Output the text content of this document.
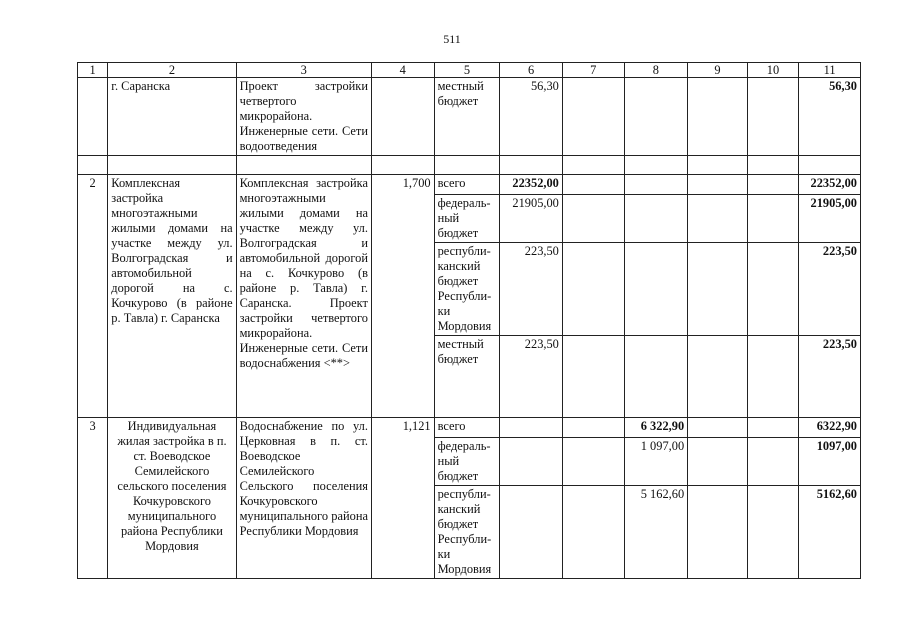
511
1	2	3	4	5	6	7	8	9	10	11
	г. Саранска	Проект застройки четвертого микрорайона. Инженерные сети. Сети водоотведения		местный бюджет	56,30					56,30

2	Комплексная застройка многоэтажными жилыми домами на участке между ул. Волгоградская и автомобильной дорогой на с. Кочкурово (в районе р. Тавла) г. Саранска	Комплексная застройка многоэтажными жилыми домами на участке между ул. Волгоградская и автомобильной дорогой на с. Кочкурово (в районе р. Тавла) г. Саранска. Проект застройки четвертого микрорайона. Инженерные сети. Сети водоснабжения <**>	1,700	всего	22352,00					22352,00
				федераль-ный бюджет	21905,00					21905,00
				республи-канский бюджет Республи-ки Мордовия	223,50					223,50
				местный бюджет	223,50					223,50
3	Индивидуальная жилая застройка в п. ст. Воеводское Семилейского сельского поселения Кочкуровского муниципального района Республики Мордовия	Водоснабжение по ул. Церковная в п. ст. Воеводское Семилейского Сельского поселения Кочкуровского муниципального района Республики Мордовия	1,121	всего			6 322,90			6322,90
				федераль-ный бюджет			1 097,00			1097,00
				республи-канский бюджет Республи-ки Мордовия			5 162,60			5162,60
